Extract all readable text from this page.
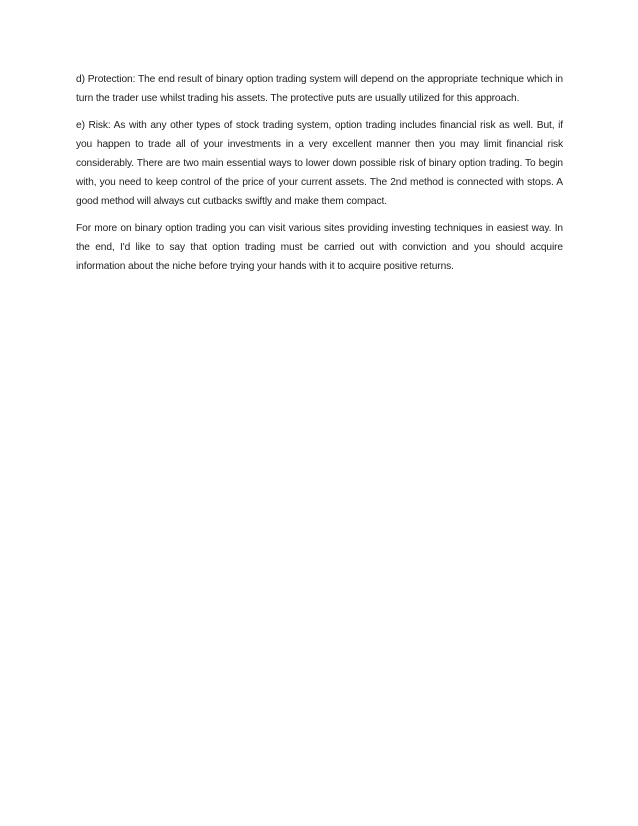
d) Protection: The end result of binary option trading system will depend on the appropriate technique which in turn the trader use whilst trading his assets. The protective puts are usually utilized for this approach.

e) Risk: As with any other types of stock trading system, option trading includes financial risk as well. But, if you happen to trade all of your investments in a very excellent manner then you may limit financial risk considerably. There are two main essential ways to lower down possible risk of binary option trading. To begin with, you need to keep control of the price of your current assets. The 2nd method is connected with stops. A good method will always cut cutbacks swiftly and make them compact.

For more on binary option trading you can visit various sites providing investing techniques in easiest way. In the end, I'd like to say that option trading must be carried out with conviction and you should acquire information about the niche before trying your hands with it to acquire positive returns.
